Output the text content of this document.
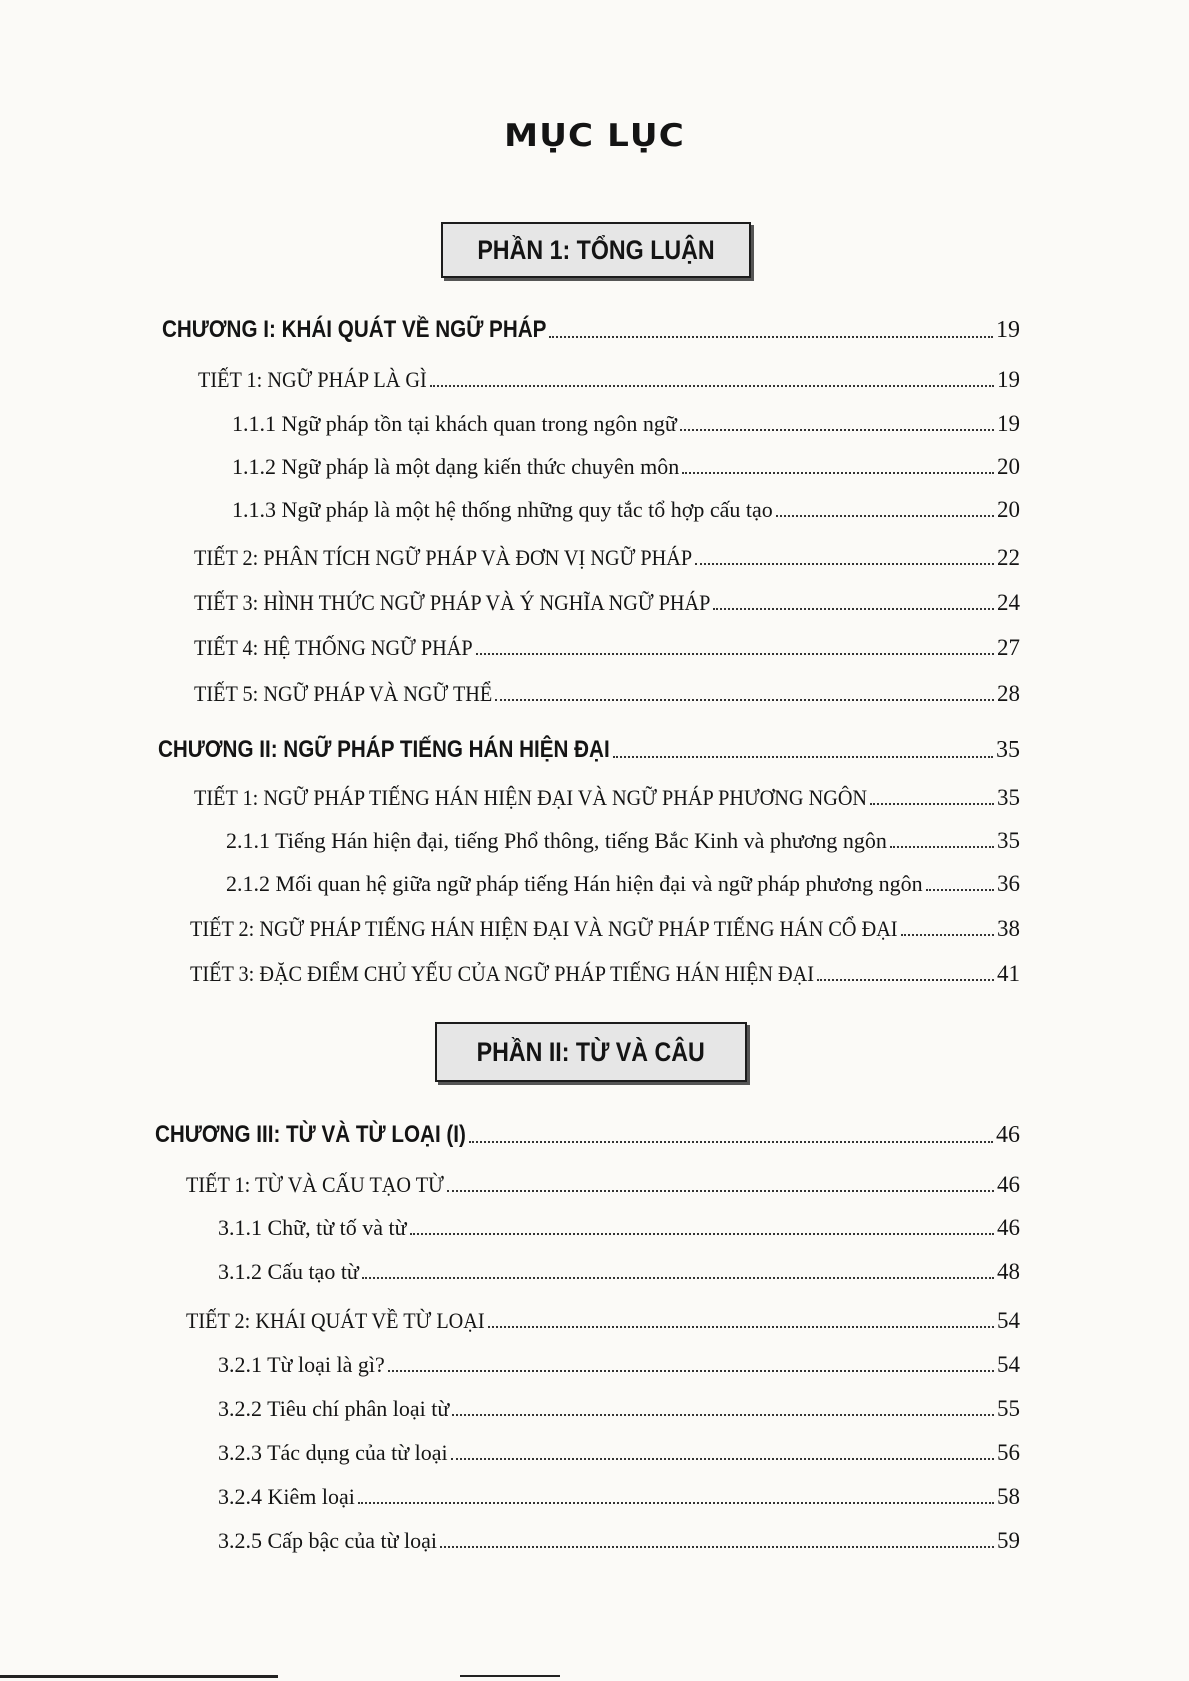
MỤC LỤC
PHẦN 1: TỔNG LUẬN
PHẦN II: TỪ VÀ CÂU
CHƯƠNG I: KHÁI QUÁT VỀ NGỮ PHÁP	19
TIẾT 1: NGỮ PHÁP LÀ GÌ	19
1.1.1 Ngữ pháp tồn tại khách quan trong ngôn ngữ	19
1.1.2 Ngữ pháp là một dạng kiến thức chuyên môn	20
1.1.3 Ngữ pháp là một hệ thống những quy tắc tổ hợp cấu tạo	20
TIẾT 2: PHÂN TÍCH NGỮ PHÁP VÀ ĐƠN VỊ NGỮ PHÁP	22
TIẾT 3: HÌNH THỨC NGỮ PHÁP VÀ Ý NGHĨA NGỮ PHÁP	24
TIẾT 4: HỆ THỐNG NGỮ PHÁP	27
TIẾT 5: NGỮ PHÁP VÀ NGỮ THỂ	28
CHƯƠNG II: NGỮ PHÁP TIẾNG HÁN HIỆN ĐẠI	35
TIẾT 1: NGỮ PHÁP TIẾNG HÁN HIỆN ĐẠI VÀ NGỮ PHÁP PHƯƠNG NGÔN	35
2.1.1 Tiếng Hán hiện đại, tiếng Phổ thông, tiếng Bắc Kinh và phương ngôn	35
2.1.2 Mối quan hệ giữa ngữ pháp tiếng Hán hiện đại và ngữ pháp phương ngôn	36
TIẾT 2: NGỮ PHÁP TIẾNG HÁN HIỆN ĐẠI VÀ NGỮ PHÁP TIẾNG HÁN CỔ ĐẠI	38
TIẾT 3: ĐẶC ĐIỂM CHỦ YẾU CỦA NGỮ PHÁP TIẾNG HÁN HIỆN ĐẠI	41
CHƯƠNG III: TỪ VÀ TỪ LOẠI (I)	46
TIẾT 1: TỪ VÀ CẤU TẠO TỪ	46
3.1.1 Chữ, từ tố và từ	46
3.1.2 Cấu tạo từ	48
TIẾT 2: KHÁI QUÁT VỀ TỪ LOẠI	54
3.2.1 Từ loại là gì?	54
3.2.2 Tiêu chí phân loại từ	55
3.2.3 Tác dụng của từ loại	56
3.2.4 Kiêm loại	58
3.2.5 Cấp bậc của từ loại	59
